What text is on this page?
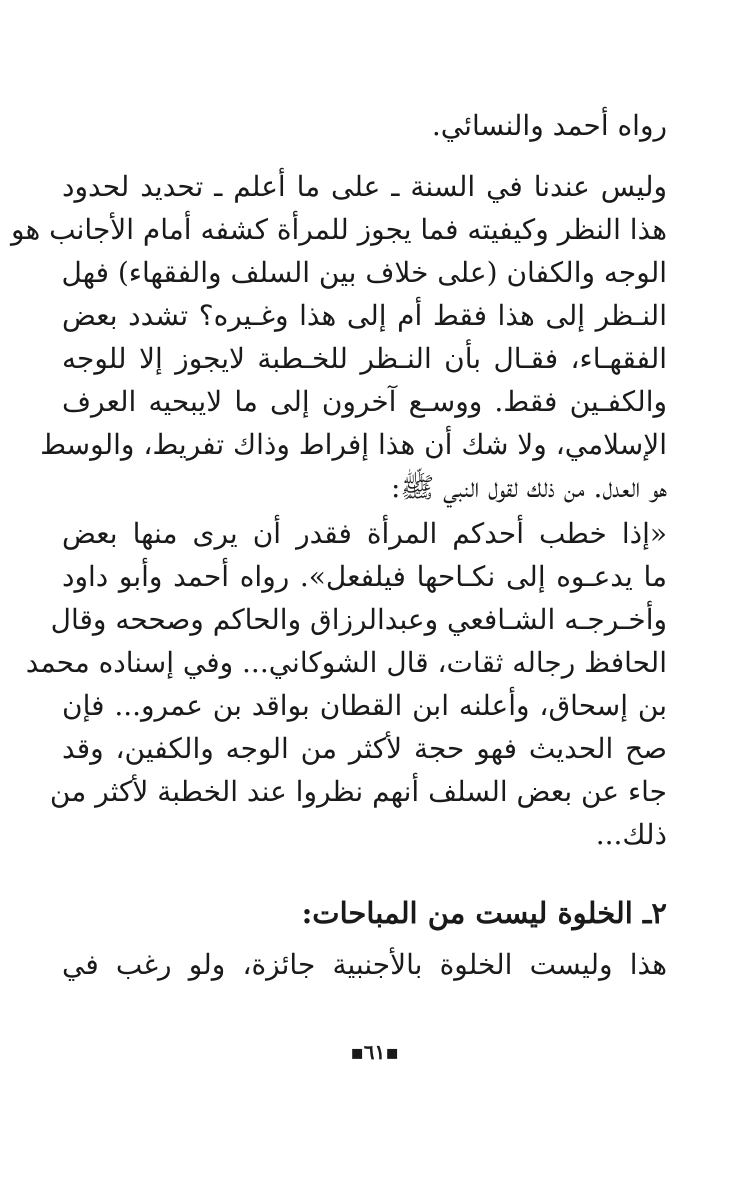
رواه أحمد والنسائي.
وليس عندنا في السنة ـ على ما أعلم ـ تحديد لحدود
هذا النظر وكيفيته فما يجوز للمرأة كشفه أمام الأجانب هو
الوجه والكفان (على خلاف بين السلف والفقهاء) فهل
النـظر إلى هذا فقط أم إلى هذا وغـيره؟ تشدد بعض
الفقهـاء، فقـال بأن النـظر للخـطبة لايجوز إلا للوجه
والكفـين فقط. ووسـع آخرون إلى ما لايبحيه العرف
الإسلامي، ولا شك أن هذا إفراط وذاك تفريط، والوسط
هو العدل. من ذلك لقول النبي ﷺ:
«إذا خطب أحدكم المرأة فقدر أن يرى منها بعض
ما يدعـوه إلى نكـاحها فيلفعل». رواه أحمد وأبو داود
وأخـرجـه الشـافعي وعبدالرزاق والحاكم وصححه وقال
الحافظ رجاله ثقات، قال الشوكاني... وفي إسناده محمد
بن إسحاق، وأعلنه ابن القطان بواقد بن عمرو... فإن
صح الحديث فهو حجة لأكثر من الوجه والكفين، وقد
جاء عن بعض السلف أنهم نظروا عند الخطبة لأكثر من
ذلك...
٢ـ الخلوة ليست من المباحات:
هذا وليست الخلوة بالأجنبية جائزة، ولو رغب في
▪٦١▪
